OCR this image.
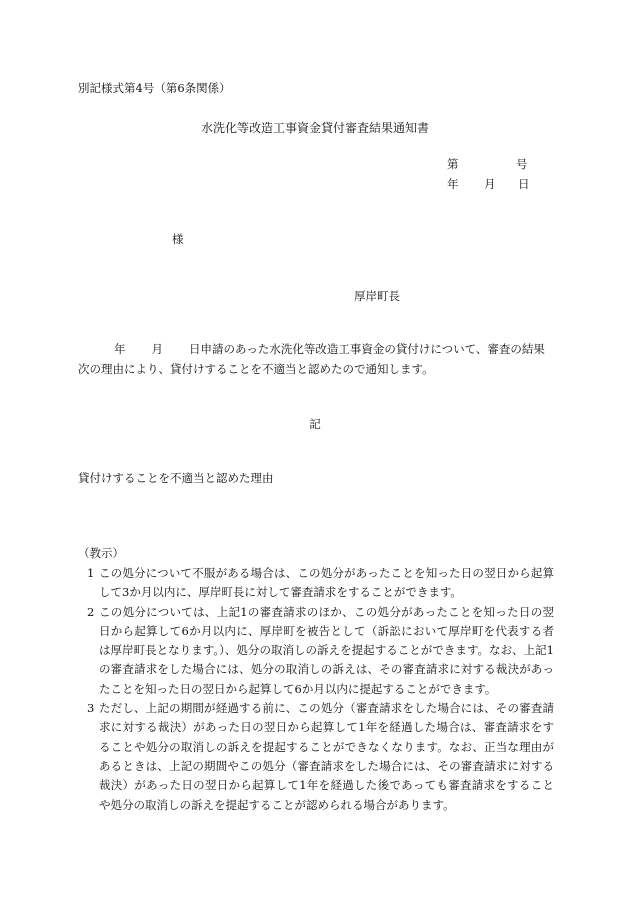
別記様式第4号（第6条関係）
水洗化等改造工事資金貸付審査結果通知書
第	号
年 月 日
様
厚岸町長
年 月 日申請のあった水洗化等改造工事資金の貸付けについて、審査の結果次の理由により、貸付けすることを不適当と認めたので通知します。
記
貸付けすることを不適当と認めた理由
（教示）
1 この処分について不服がある場合は、この処分があったことを知った日の翌日から起算して3か月以内に、厚岸町長に対して審査請求をすることができます。
2 この処分については、上記1の審査請求のほか、この処分があったことを知った日の翌日から起算して6か月以内に、厚岸町を被告として（訴訟において厚岸町を代表する者は厚岸町長となります。）、処分の取消しの訴えを提起することができます。なお、上記1の審査請求をした場合には、処分の取消しの訴えは、その審査請求に対する裁決があったことを知った日の翌日から起算して6か月以内に提起することができます。
3 ただし、上記の期間が経過する前に、この処分（審査請求をした場合には、その審査請求に対する裁決）があった日の翌日から起算して1年を経過した場合は、審査請求をすることや処分の取消しの訴えを提起することができなくなります。なお、正当な理由があるときは、上記の期間やこの処分（審査請求をした場合には、その審査請求に対する裁決）があった日の翌日から起算して1年を経過した後であっても審査請求をすることや処分の取消しの訴えを提起することが認められる場合があります。
